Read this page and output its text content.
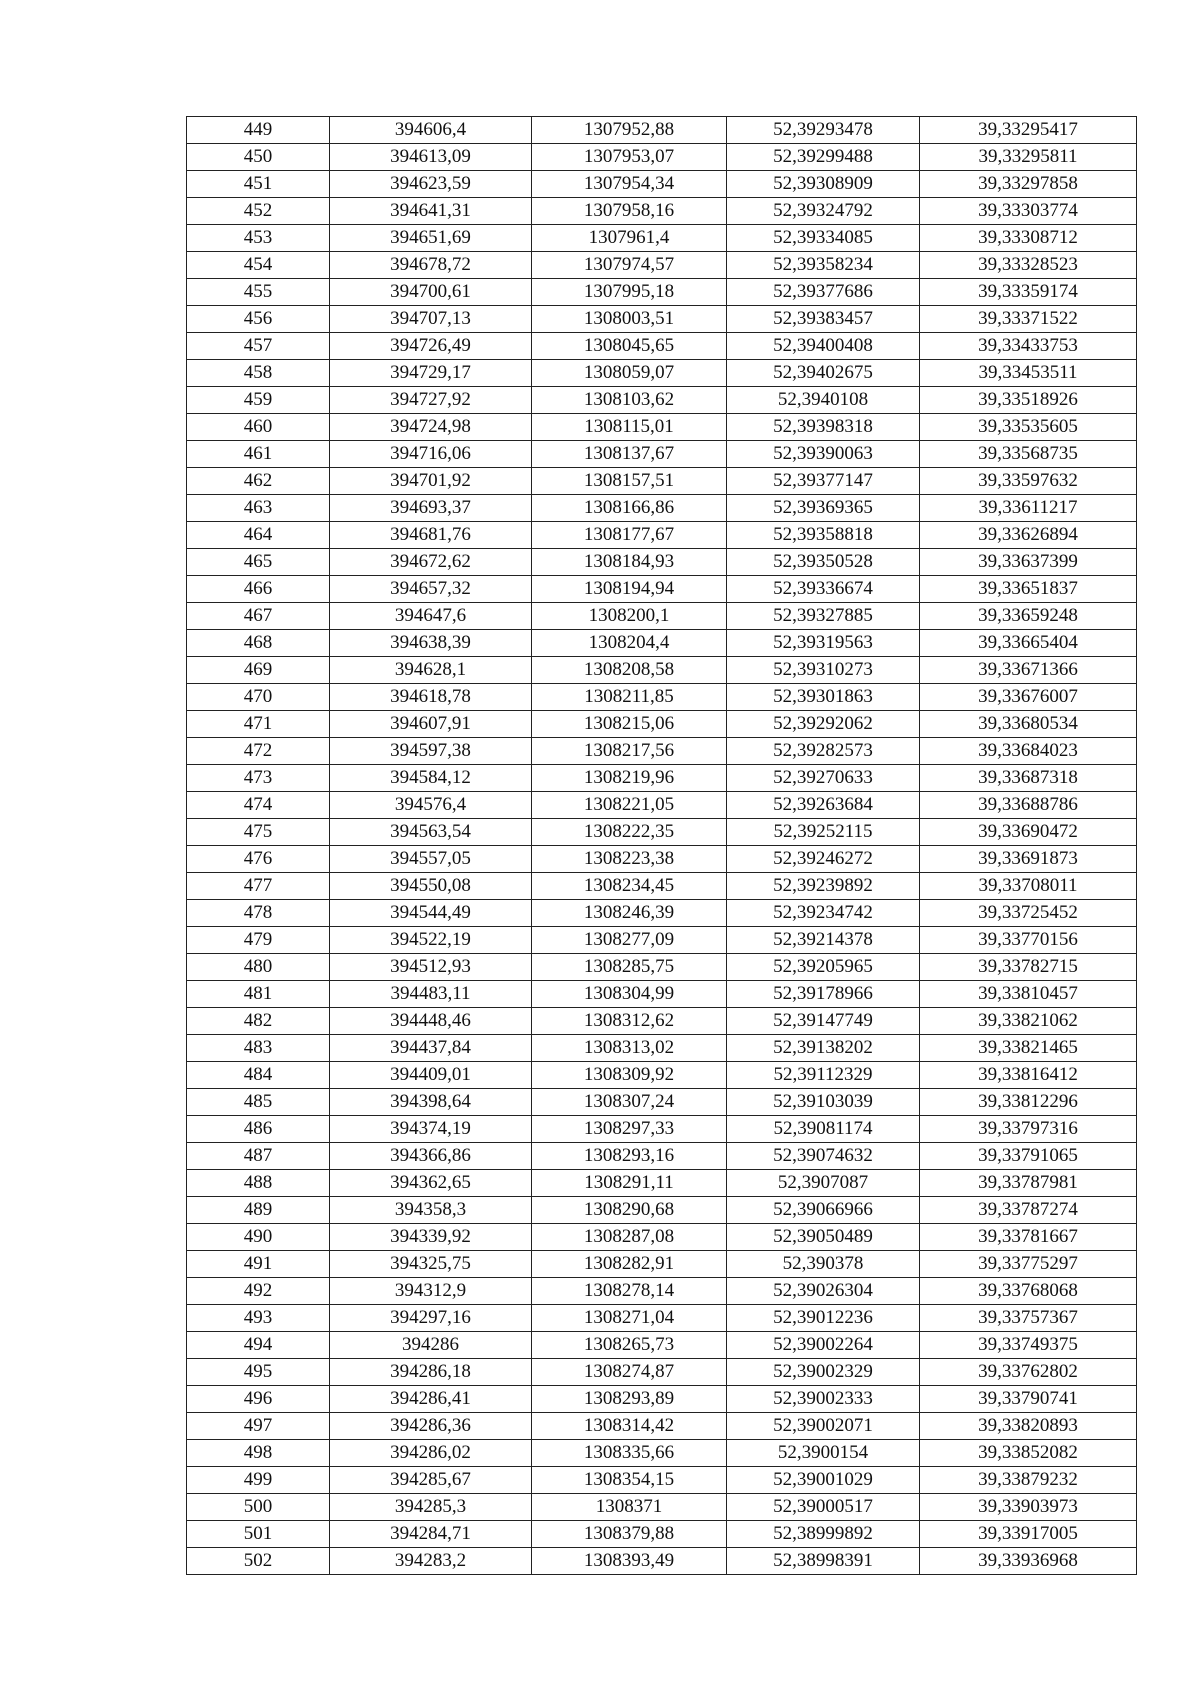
449	394606,4	1307952,88	52,39293478	39,33295417
450	394613,09	1307953,07	52,39299488	39,33295811
451	394623,59	1307954,34	52,39308909	39,33297858
452	394641,31	1307958,16	52,39324792	39,33303774
453	394651,69	1307961,4	52,39334085	39,33308712
454	394678,72	1307974,57	52,39358234	39,33328523
455	394700,61	1307995,18	52,39377686	39,33359174
456	394707,13	1308003,51	52,39383457	39,33371522
457	394726,49	1308045,65	52,39400408	39,33433753
458	394729,17	1308059,07	52,39402675	39,33453511
459	394727,92	1308103,62	52,3940108	39,33518926
460	394724,98	1308115,01	52,39398318	39,33535605
461	394716,06	1308137,67	52,39390063	39,33568735
462	394701,92	1308157,51	52,39377147	39,33597632
463	394693,37	1308166,86	52,39369365	39,33611217
464	394681,76	1308177,67	52,39358818	39,33626894
465	394672,62	1308184,93	52,39350528	39,33637399
466	394657,32	1308194,94	52,39336674	39,33651837
467	394647,6	1308200,1	52,39327885	39,33659248
468	394638,39	1308204,4	52,39319563	39,33665404
469	394628,1	1308208,58	52,39310273	39,33671366
470	394618,78	1308211,85	52,39301863	39,33676007
471	394607,91	1308215,06	52,39292062	39,33680534
472	394597,38	1308217,56	52,39282573	39,33684023
473	394584,12	1308219,96	52,39270633	39,33687318
474	394576,4	1308221,05	52,39263684	39,33688786
475	394563,54	1308222,35	52,39252115	39,33690472
476	394557,05	1308223,38	52,39246272	39,33691873
477	394550,08	1308234,45	52,39239892	39,33708011
478	394544,49	1308246,39	52,39234742	39,33725452
479	394522,19	1308277,09	52,39214378	39,33770156
480	394512,93	1308285,75	52,39205965	39,33782715
481	394483,11	1308304,99	52,39178966	39,33810457
482	394448,46	1308312,62	52,39147749	39,33821062
483	394437,84	1308313,02	52,39138202	39,33821465
484	394409,01	1308309,92	52,39112329	39,33816412
485	394398,64	1308307,24	52,39103039	39,33812296
486	394374,19	1308297,33	52,39081174	39,33797316
487	394366,86	1308293,16	52,39074632	39,33791065
488	394362,65	1308291,11	52,3907087	39,33787981
489	394358,3	1308290,68	52,39066966	39,33787274
490	394339,92	1308287,08	52,39050489	39,33781667
491	394325,75	1308282,91	52,390378	39,33775297
492	394312,9	1308278,14	52,39026304	39,33768068
493	394297,16	1308271,04	52,39012236	39,33757367
494	394286	1308265,73	52,39002264	39,33749375
495	394286,18	1308274,87	52,39002329	39,33762802
496	394286,41	1308293,89	52,39002333	39,33790741
497	394286,36	1308314,42	52,39002071	39,33820893
498	394286,02	1308335,66	52,3900154	39,33852082
499	394285,67	1308354,15	52,39001029	39,33879232
500	394285,3	1308371	52,39000517	39,33903973
501	394284,71	1308379,88	52,38999892	39,33917005
502	394283,2	1308393,49	52,38998391	39,33936968
